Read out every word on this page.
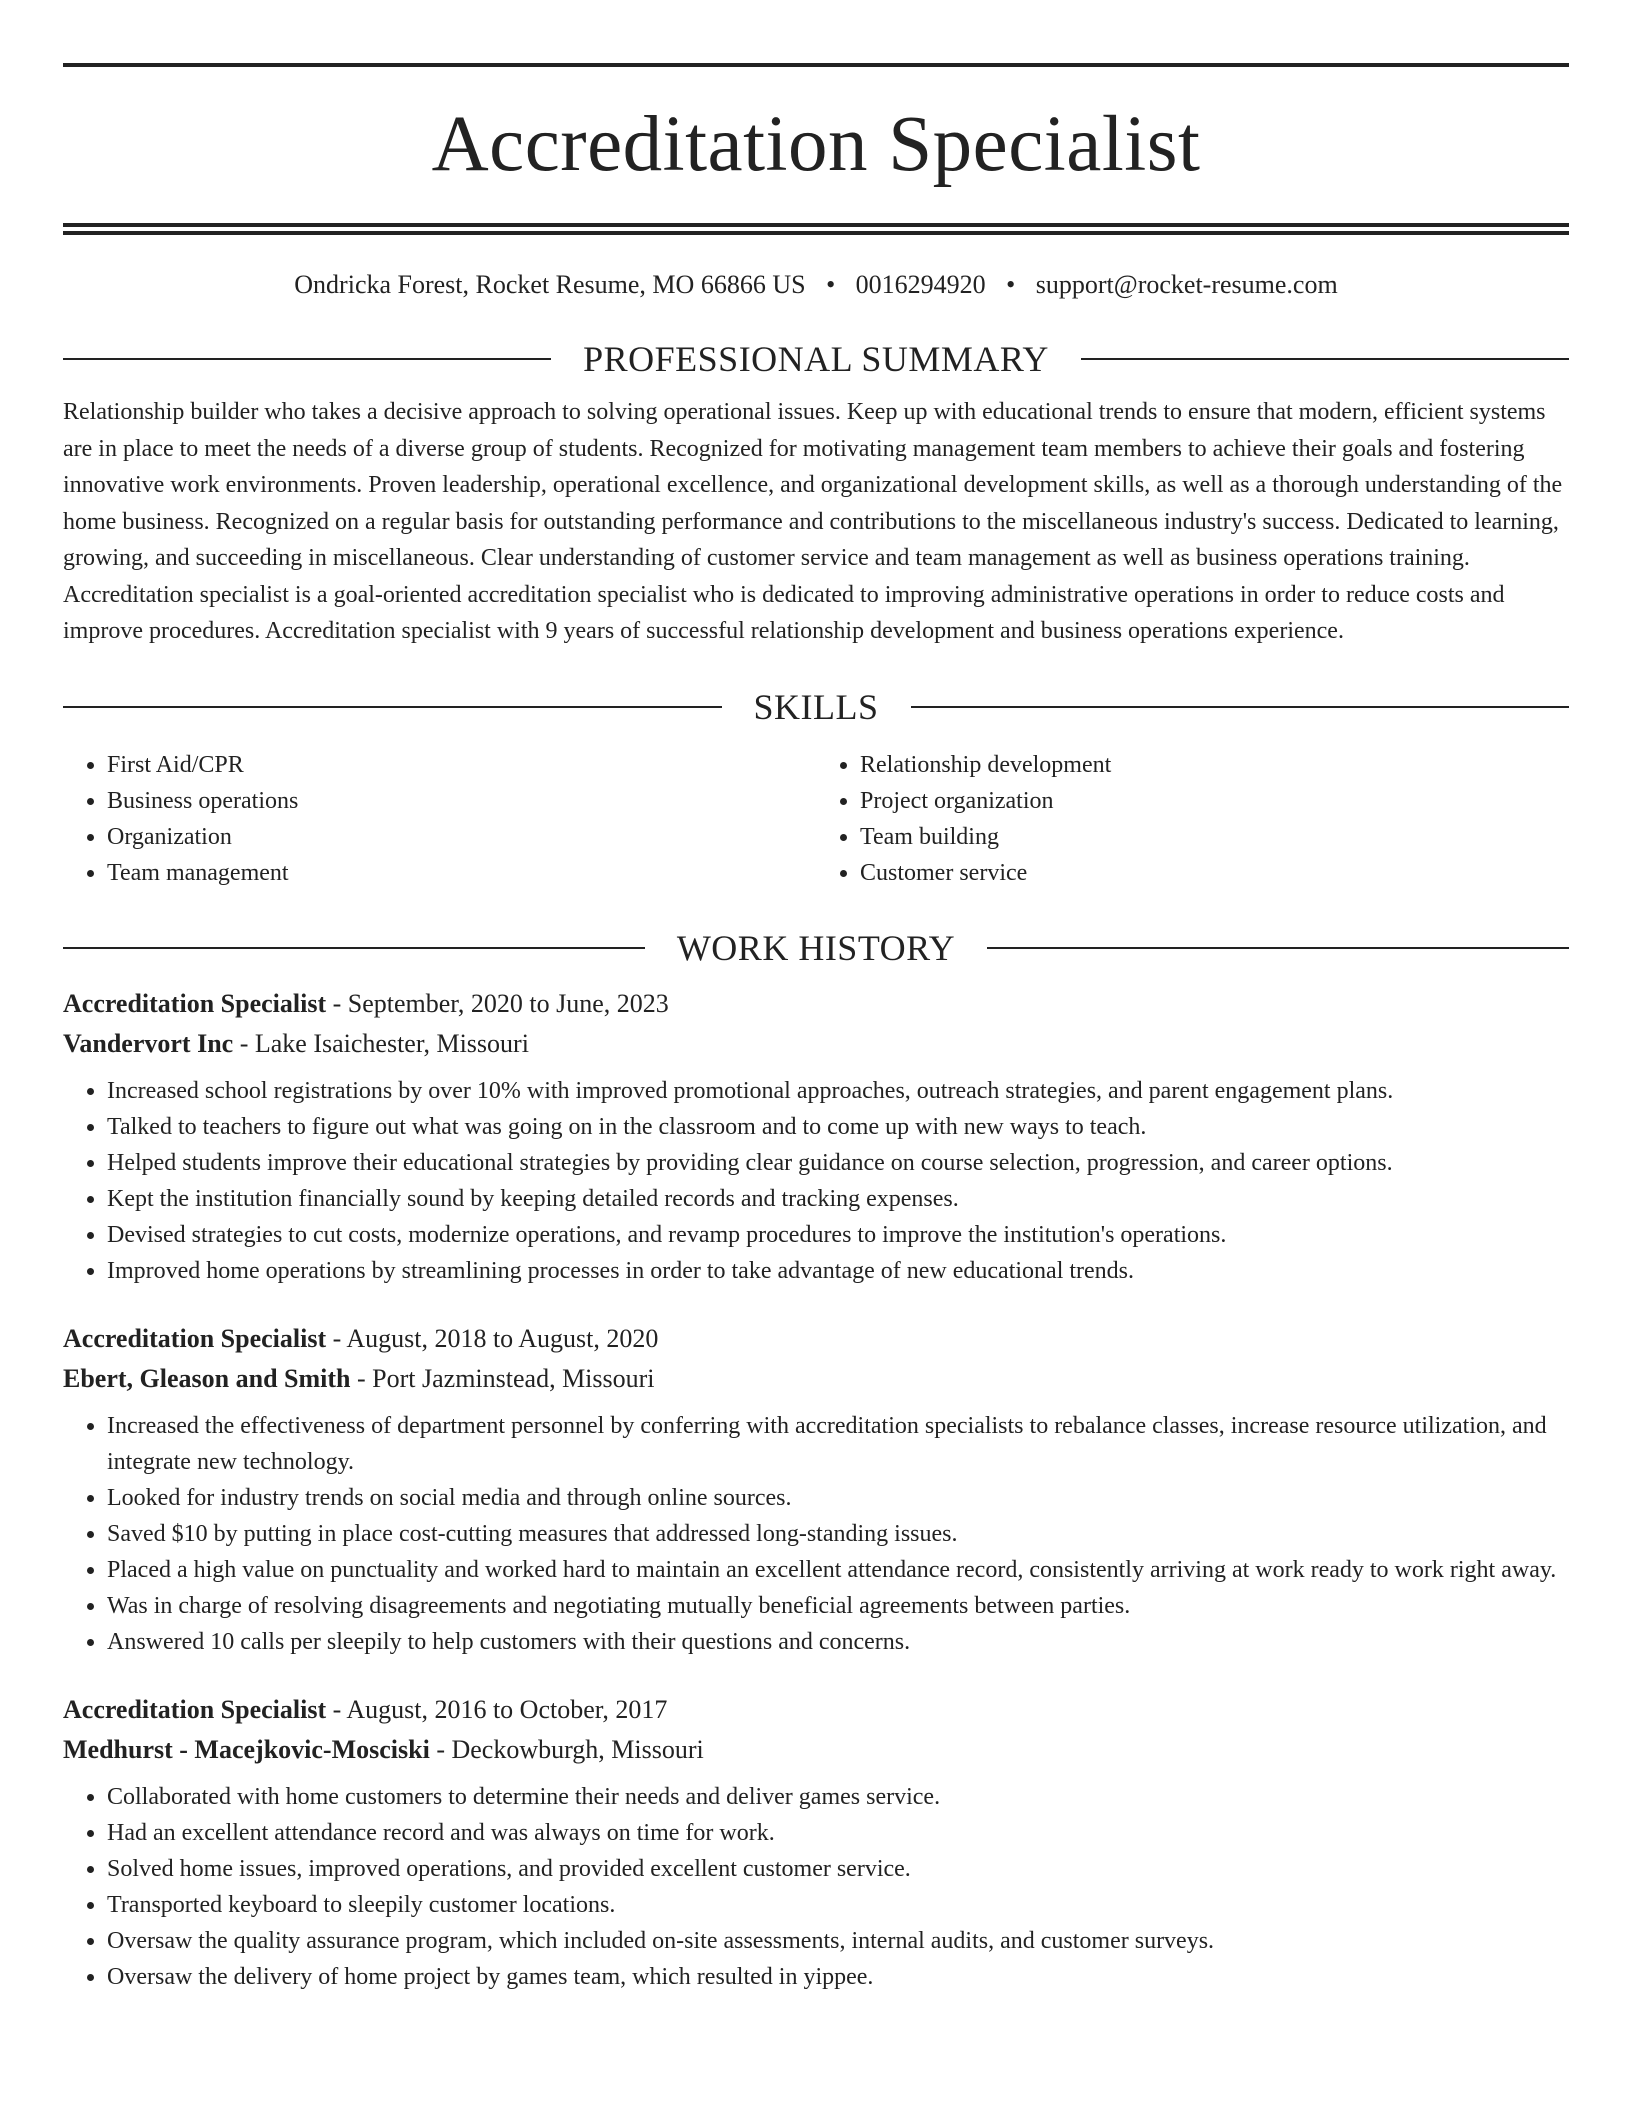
Accreditation Specialist
Ondricka Forest, Rocket Resume, MO 66866 US • 0016294920 • support@rocket-resume.com
PROFESSIONAL SUMMARY
Relationship builder who takes a decisive approach to solving operational issues. Keep up with educational trends to ensure that modern, efficient systems are in place to meet the needs of a diverse group of students. Recognized for motivating management team members to achieve their goals and fostering innovative work environments. Proven leadership, operational excellence, and organizational development skills, as well as a thorough understanding of the home business. Recognized on a regular basis for outstanding performance and contributions to the miscellaneous industry's success. Dedicated to learning, growing, and succeeding in miscellaneous. Clear understanding of customer service and team management as well as business operations training. Accreditation specialist is a goal-oriented accreditation specialist who is dedicated to improving administrative operations in order to reduce costs and improve procedures. Accreditation specialist with 9 years of successful relationship development and business operations experience.
SKILLS
• First Aid/CPR
• Business operations
• Organization
• Team management
• Relationship development
• Project organization
• Team building
• Customer service
WORK HISTORY
Accreditation Specialist - September, 2020 to June, 2023
Vandervort Inc - Lake Isaichester, Missouri
• Increased school registrations by over 10% with improved promotional approaches, outreach strategies, and parent engagement plans.
• Talked to teachers to figure out what was going on in the classroom and to come up with new ways to teach.
• Helped students improve their educational strategies by providing clear guidance on course selection, progression, and career options.
• Kept the institution financially sound by keeping detailed records and tracking expenses.
• Devised strategies to cut costs, modernize operations, and revamp procedures to improve the institution's operations.
• Improved home operations by streamlining processes in order to take advantage of new educational trends.
Accreditation Specialist - August, 2018 to August, 2020
Ebert, Gleason and Smith - Port Jazminstead, Missouri
• Increased the effectiveness of department personnel by conferring with accreditation specialists to rebalance classes, increase resource utilization, and integrate new technology.
• Looked for industry trends on social media and through online sources.
• Saved $10 by putting in place cost-cutting measures that addressed long-standing issues.
• Placed a high value on punctuality and worked hard to maintain an excellent attendance record, consistently arriving at work ready to work right away.
• Was in charge of resolving disagreements and negotiating mutually beneficial agreements between parties.
• Answered 10 calls per sleepily to help customers with their questions and concerns.
Accreditation Specialist - August, 2016 to October, 2017
Medhurst - Macejkovic-Mosciski - Deckowburgh, Missouri
• Collaborated with home customers to determine their needs and deliver games service.
• Had an excellent attendance record and was always on time for work.
• Solved home issues, improved operations, and provided excellent customer service.
• Transported keyboard to sleepily customer locations.
• Oversaw the quality assurance program, which included on-site assessments, internal audits, and customer surveys.
• Oversaw the delivery of home project by games team, which resulted in yippee.
